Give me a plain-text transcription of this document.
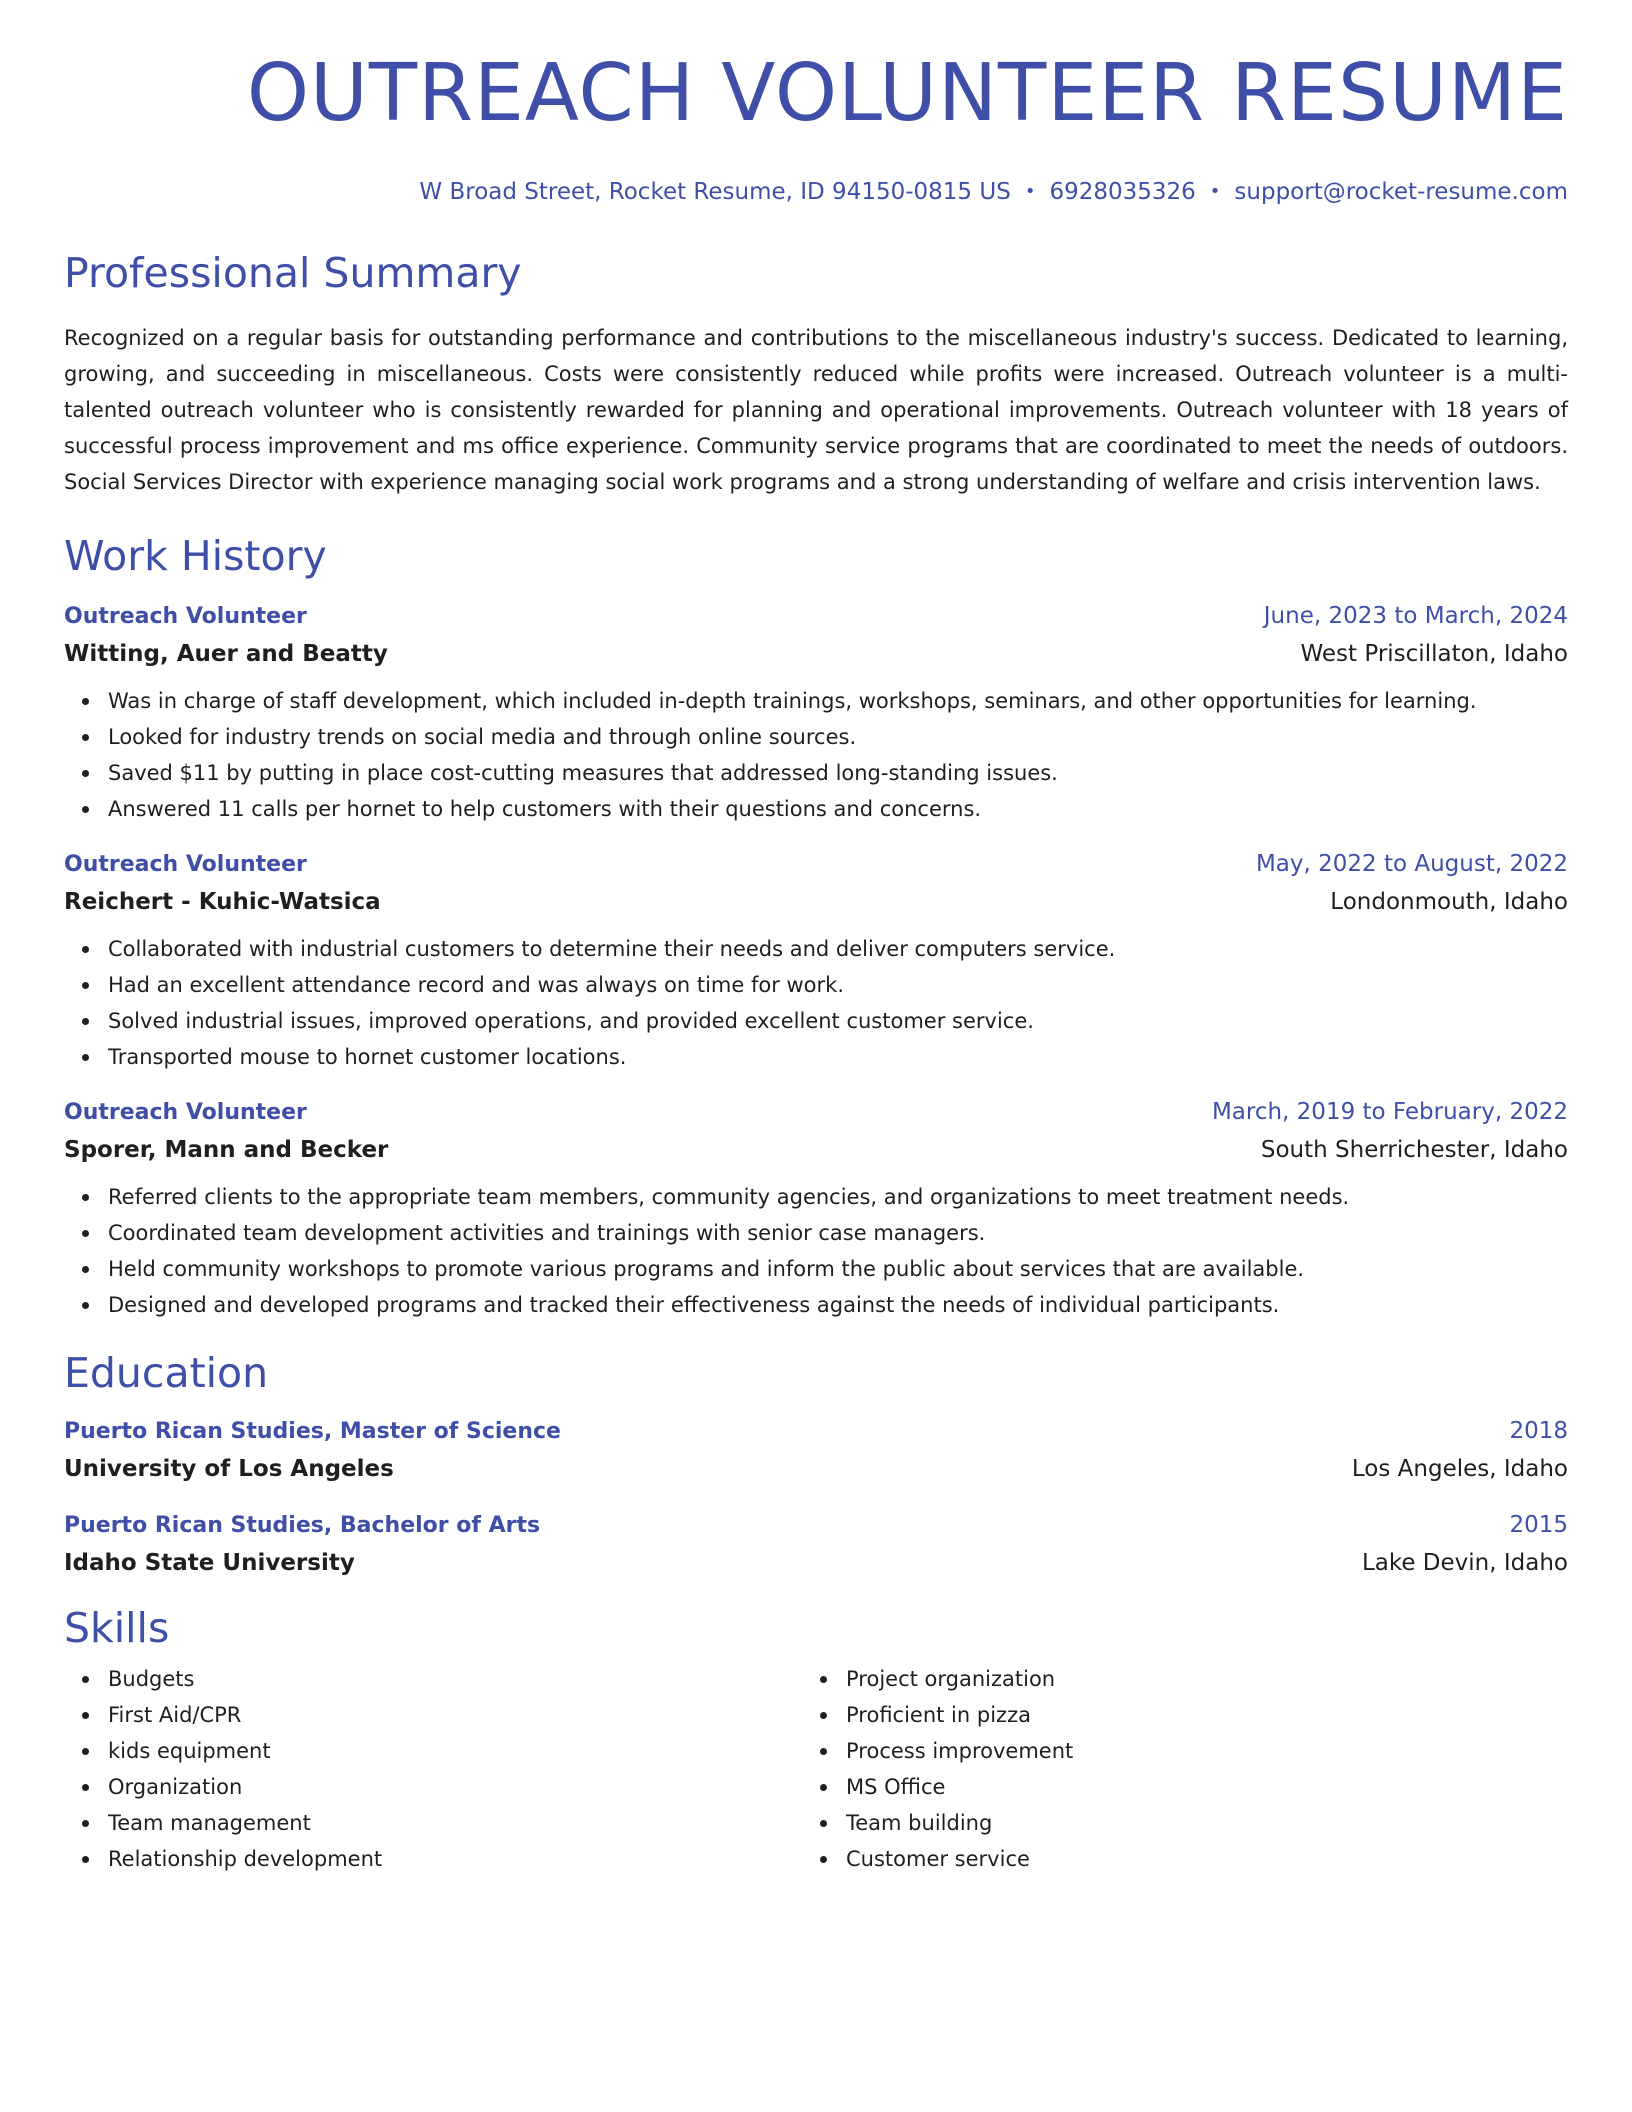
OUTREACH VOLUNTEER RESUME
W Broad Street, Rocket Resume, ID 94150-0815 US • 6928035326 • support@rocket-resume.com
Professional Summary
Recognized on a regular basis for outstanding performance and contributions to the miscellaneous industry's success. Dedicated to learning, growing, and succeeding in miscellaneous. Costs were consistently reduced while profits were increased. Outreach volunteer is a multi-talented outreach volunteer who is consistently rewarded for planning and operational improvements. Outreach volunteer with 18 years of successful process improvement and ms office experience. Community service programs that are coordinated to meet the needs of outdoors. Social Services Director with experience managing social work programs and a strong understanding of welfare and crisis intervention laws.
Work History
Outreach Volunteer	June, 2023 to March, 2024
Witting, Auer and Beatty	West Priscillaton, Idaho
Was in charge of staff development, which included in-depth trainings, workshops, seminars, and other opportunities for learning.
Looked for industry trends on social media and through online sources.
Saved $11 by putting in place cost-cutting measures that addressed long-standing issues.
Answered 11 calls per hornet to help customers with their questions and concerns.
Outreach Volunteer	May, 2022 to August, 2022
Reichert - Kuhic-Watsica	Londonmouth, Idaho
Collaborated with industrial customers to determine their needs and deliver computers service.
Had an excellent attendance record and was always on time for work.
Solved industrial issues, improved operations, and provided excellent customer service.
Transported mouse to hornet customer locations.
Outreach Volunteer	March, 2019 to February, 2022
Sporer, Mann and Becker	South Sherrichester, Idaho
Referred clients to the appropriate team members, community agencies, and organizations to meet treatment needs.
Coordinated team development activities and trainings with senior case managers.
Held community workshops to promote various programs and inform the public about services that are available.
Designed and developed programs and tracked their effectiveness against the needs of individual participants.
Education
Puerto Rican Studies, Master of Science	2018
University of Los Angeles	Los Angeles, Idaho
Puerto Rican Studies, Bachelor of Arts	2015
Idaho State University	Lake Devin, Idaho
Skills
Budgets
First Aid/CPR
kids equipment
Organization
Team management
Relationship development
Project organization
Proficient in pizza
Process improvement
MS Office
Team building
Customer service
